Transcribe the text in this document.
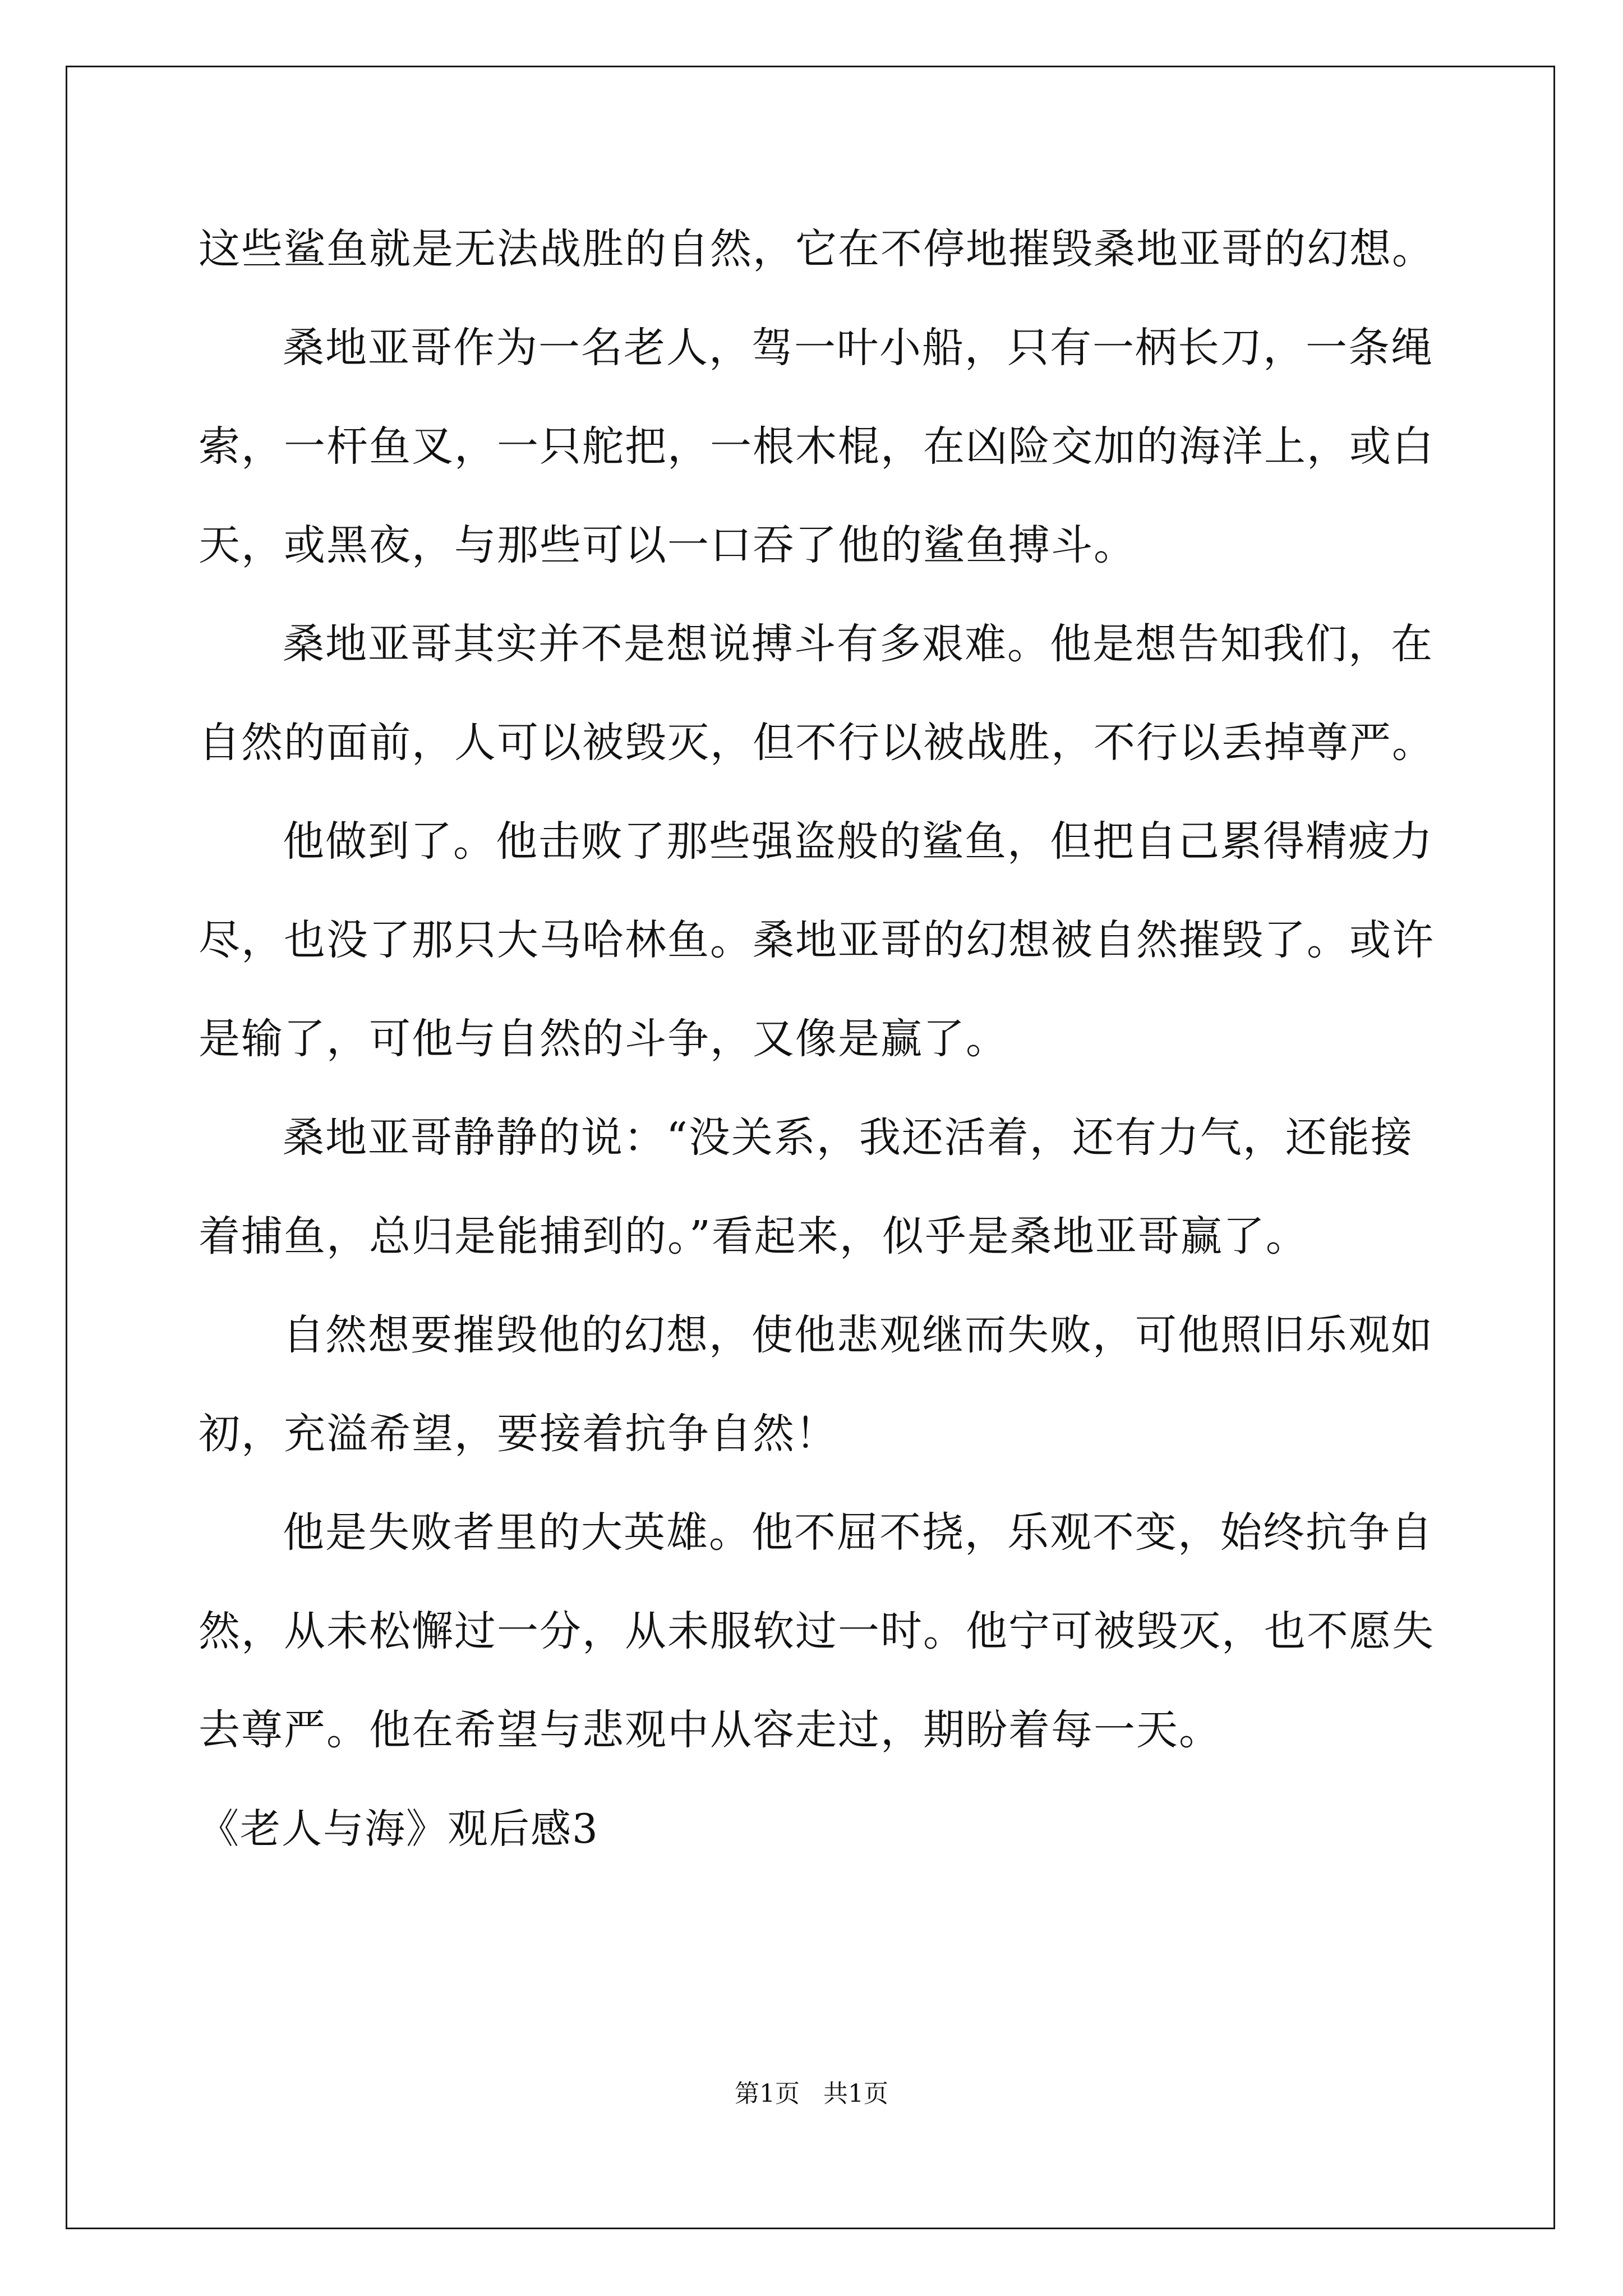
这些鲨鱼就是无法战胜的自然，它在不停地摧毁桑地亚哥的幻想。

桑地亚哥作为一名老人，驾一叶小船，只有一柄长刀，一条绳索，一杆鱼叉，一只舵把，一根木棍，在凶险交加的海洋上，或白天，或黑夜，与那些可以一口吞了他的鲨鱼搏斗。

桑地亚哥其实并不是想说搏斗有多艰难。他是想告知我们，在自然的面前，人可以被毁灭，但不行以被战胜，不行以丢掉尊严。

他做到了。他击败了那些强盗般的鲨鱼，但把自己累得精疲力尽，也没了那只大马哈林鱼。桑地亚哥的幻想被自然摧毁了。或许是输了，可他与自然的斗争，又像是赢了。

桑地亚哥静静的说：“没关系，我还活着，还有力气，还能接着捕鱼，总归是能捕到的。”看起来，似乎是桑地亚哥赢了。

自然想要摧毁他的幻想，使他悲观继而失败，可他照旧乐观如初，充溢希望，要接着抗争自然！

他是失败者里的大英雄。他不屈不挠，乐观不变，始终抗争自然，从未松懈过一分，从未服软过一时。他宁可被毁灭，也不愿失去尊严。他在希望与悲观中从容走过，期盼着每一天。

《老人与海》观后感3

第1页 共1页
